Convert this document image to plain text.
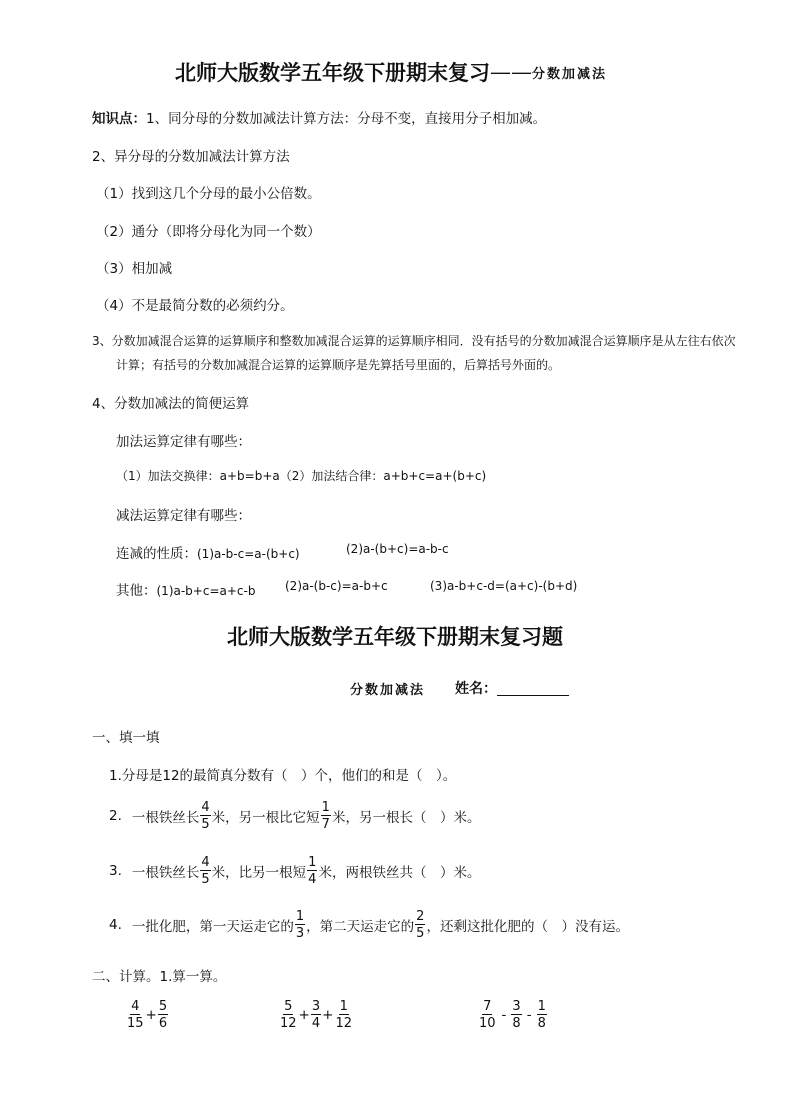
北师大版数学五年级下册期末复习 —— 分数加减法
知识点：1、同分母的分数加减法计算方法：分母不变，直接用分子相加减。
2、异分母的分数加减法计算方法
（1）找到这几个分母的最小公倍数。
（2）通分（即将分母化为同一个数）
（3）相加减
（4）不是最简分数的必须约分。
3、分数加减混合运算的运算顺序和整数加减混合运算的运算顺序相同．没有括号的分数加减混合运算顺序是从左往右依次
计算；有括号的分数加减混合运算的运算顺序是先算括号里面的，后算括号外面的。
4、分数加减法的简便运算
加法运算定律有哪些：
（1）加法交换律：a+b=b+a（2）加法结合律：a+b+c=a+(b+c)
减法运算定律有哪些：
连减的性质：(1)a-b-c=a-(b+c)	(2)a-(b+c)=a-b-c
其他：(1)a-b+c=a+c-b (2)a-(b-c)=a-b+c	(3)a-b+c-d=(a+c)-(b+d)
北师大版数学五年级下册期末复习题
分数加减法 姓名：
一、填一填
1.分母是12的最简真分数有（　）个，他们的和是（　）。
2. 一根铁丝长 $\frac{4}{5}$ 米，另一根比它短 $\frac{1}{7}$ 米，另一根长（　）米。
3. 一根铁丝长 $\frac{4}{5}$ 米，比另一根短 $\frac{1}{4}$ 米，两根铁丝共（　）米。
4. 一批化肥，第一天运走它的 $\frac{1}{3}$ ，第二天运走它的 $\frac{2}{5}$ ，还剩这批化肥的（　）没有运。
二、计算。1.算一算。
$\frac{4}{15} + \frac{5}{6}$	$\frac{5}{12} + \frac{3}{4} + \frac{1}{12}$	$\frac{7}{10} - \frac{3}{8} - \frac{1}{8}$
